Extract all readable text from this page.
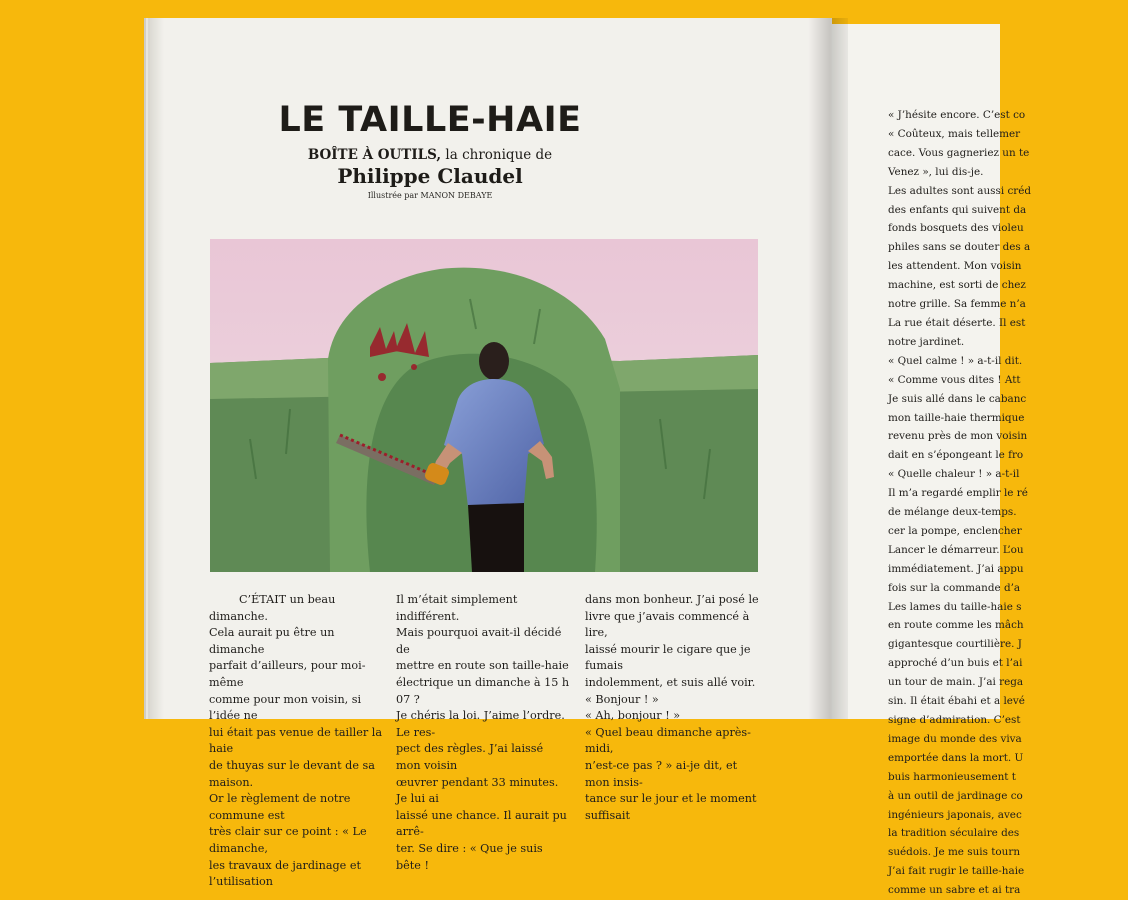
LE TAILLE-HAIE
BOÎTE À OUTILS, la chronique de
Philippe Claudel
Illustrée par MANON DEBAYE

C’ÉTAIT un beau dimanche.

Cela aurait pu être un dimanche

parfait d’ailleurs, pour moi-même

comme pour mon voisin, si l’idée ne

lui était pas venue de tailler la haie

de thuyas sur le devant de sa maison.

Or le règlement de notre commune est

très clair sur ce point : « Le dimanche,

les travaux de jardinage et l’utilisation

Il m’était simplement indifférent.

Mais pourquoi avait-il décidé de

mettre en route son taille-haie

électrique un dimanche à 15 h 07 ?

Je chéris la loi. J’aime l’ordre. Le res-

pect des règles. J’ai laissé mon voisin

œuvrer pendant 33 minutes. Je lui ai

laissé une chance. Il aurait pu arrê-

ter. Se dire : « Que je suis bête !

dans mon bonheur. J’ai posé le

livre que j’avais commencé à lire,

laissé mourir le cigare que je fumais

indolemment, et suis allé voir.

« Bonjour ! »

« Ah, bonjour ! »

« Quel beau dimanche après-midi,

n’est-ce pas ? » ai-je dit, et mon insis-

tance sur le jour et le moment suffisait

« J’hésite encore. C’est co

« Coûteux, mais tellemer

cace. Vous gagneriez un te

Venez », lui dis-je.

Les adultes sont aussi créd

des enfants qui suivent da

fonds bosquets des violeu

philes sans se douter des a

les attendent. Mon voisin

machine, est sorti de chez

notre grille. Sa femme n’a

La rue était déserte. Il est

notre jardinet.

« Quel calme ! » a-t-il dit.

« Comme vous dites ! Att

Je suis allé dans le cabanc

mon taille-haie thermique

revenu près de mon voisin

dait en s’épongeant le fro

« Quelle chaleur ! » a-t-il

Il m’a regardé emplir le ré

de mélange deux-temps.

cer la pompe, enclencher

Lancer le démarreur. L’ou

immédiatement. J’ai appu

fois sur la commande d’a

Les lames du taille-haie s

en route comme les mâch

gigantesque courtilière. J

approché d’un buis et l’ai

un tour de main. J’ai rega

sin. Il était ébahi et a levé

signe d’admiration. C’est

image du monde des viva

emportée dans la mort. U

buis harmonieusement t

à un outil de jardinage co

ingénieurs japonais, avec

la tradition séculaire des

suédois. Je me suis tourn

J’ai fait rugir le taille-haie

comme un sabre et ai tra
